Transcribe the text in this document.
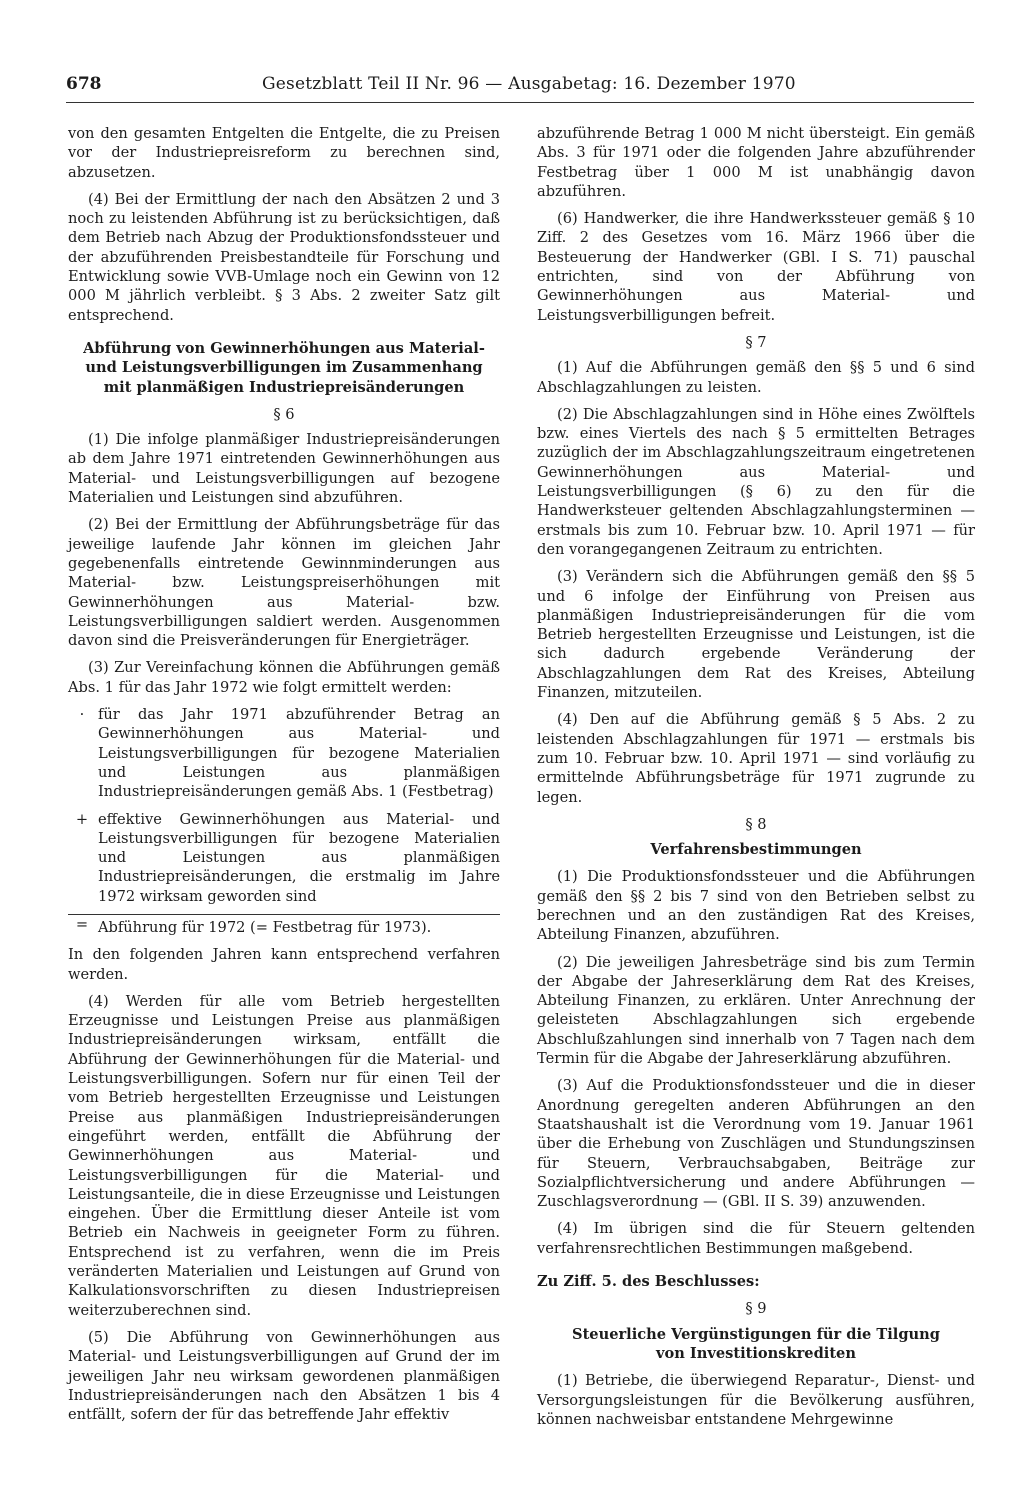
678	Gesetzblatt Teil II Nr. 96 — Ausgabetag: 16. Dezember 1970

von den gesamten Entgelten die Entgelte, die zu Preisen vor der Industriepreisreform zu berechnen sind, abzusetzen.

(4) Bei der Ermittlung der nach den Absätzen 2 und 3 noch zu leistenden Abführung ist zu berücksichtigen, daß dem Betrieb nach Abzug der Produktionsfondssteuer und der abzuführenden Preisbestandteile für Forschung und Entwicklung sowie VVB-Umlage noch ein Gewinn von 12 000 M jährlich verbleibt. § 3 Abs. 2 zweiter Satz gilt entsprechend.

Abführung von Gewinnerhöhungen aus Material-
und Leistungsverbilligungen im Zusammenhang
mit planmäßigen Industriepreisänderungen
§ 6

(1) Die infolge planmäßiger Industriepreisänderungen ab dem Jahre 1971 eintretenden Gewinnerhöhungen aus Material- und Leistungsverbilligungen auf bezogene Materialien und Leistungen sind abzuführen.

(2) Bei der Ermittlung der Abführungsbeträge für das jeweilige laufende Jahr können im gleichen Jahr gegebenenfalls eintretende Gewinnminderungen aus Material- bzw. Leistungspreiserhöhungen mit Gewinnerhöhungen aus Material- bzw. Leistungsverbilligungen saldiert werden. Ausgenommen davon sind die Preisveränderungen für Energieträger.

(3) Zur Vereinfachung können die Abführungen gemäß Abs. 1 für das Jahr 1972 wie folgt ermittelt werden:

· für das Jahr 1971 abzuführender Betrag an Gewinnerhöhungen aus Material- und Leistungsverbilligungen für bezogene Materialien und Leistungen aus planmäßigen Industriepreisänderungen gemäß Abs. 1 (Festbetrag)
+ effektive Gewinnerhöhungen aus Material- und Leistungsverbilligungen für bezogene Materialien und Leistungen aus planmäßigen Industriepreisänderungen, die erstmalig im Jahre 1972 wirksam geworden sind
= Abführung für 1972 (= Festbetrag für 1973).

In den folgenden Jahren kann entsprechend verfahren werden.

(4) Werden für alle vom Betrieb hergestellten Erzeugnisse und Leistungen Preise aus planmäßigen Industriepreisänderungen wirksam, entfällt die Abführung der Gewinnerhöhungen für die Material- und Leistungsverbilligungen. Sofern nur für einen Teil der vom Betrieb hergestellten Erzeugnisse und Leistungen Preise aus planmäßigen Industriepreisänderungen eingeführt werden, entfällt die Abführung der Gewinnerhöhungen aus Material- und Leistungsverbilligungen für die Material- und Leistungsanteile, die in diese Erzeugnisse und Leistungen eingehen. Über die Ermittlung dieser Anteile ist vom Betrieb ein Nachweis in geeigneter Form zu führen. Entsprechend ist zu verfahren, wenn die im Preis veränderten Materialien und Leistungen auf Grund von Kalkulationsvorschriften zu diesen Industriepreisen weiterzuberechnen sind.

(5) Die Abführung von Gewinnerhöhungen aus Material- und Leistungsverbilligungen auf Grund der im jeweiligen Jahr neu wirksam gewordenen planmäßigen Industriepreisänderungen nach den Absätzen 1 bis 4 entfällt, sofern der für das betreffende Jahr effektiv

abzuführende Betrag 1 000 M nicht übersteigt. Ein gemäß Abs. 3 für 1971 oder die folgenden Jahre abzuführender Festbetrag über 1 000 M ist unabhängig davon abzuführen.

(6) Handwerker, die ihre Handwerkssteuer gemäß § 10 Ziff. 2 des Gesetzes vom 16. März 1966 über die Besteuerung der Handwerker (GBl. I S. 71) pauschal entrichten, sind von der Abführung von Gewinnerhöhungen aus Material- und Leistungsverbilligungen befreit.

§ 7

(1) Auf die Abführungen gemäß den §§ 5 und 6 sind Abschlagzahlungen zu leisten.

(2) Die Abschlagzahlungen sind in Höhe eines Zwölftels bzw. eines Viertels des nach § 5 ermittelten Betrages zuzüglich der im Abschlagzahlungszeitraum eingetretenen Gewinnerhöhungen aus Material- und Leistungsverbilligungen (§ 6) zu den für die Handwerksteuer geltenden Abschlagzahlungsterminen — erstmals bis zum 10. Februar bzw. 10. April 1971 — für den vorangegangenen Zeitraum zu entrichten.

(3) Verändern sich die Abführungen gemäß den §§ 5 und 6 infolge der Einführung von Preisen aus planmäßigen Industriepreisänderungen für die vom Betrieb hergestellten Erzeugnisse und Leistungen, ist die sich dadurch ergebende Veränderung der Abschlagzahlungen dem Rat des Kreises, Abteilung Finanzen, mitzuteilen.

(4) Den auf die Abführung gemäß § 5 Abs. 2 zu leistenden Abschlagzahlungen für 1971 — erstmals bis zum 10. Februar bzw. 10. April 1971 — sind vorläufig zu ermittelnde Abführungsbeträge für 1971 zugrunde zu legen.

§ 8
Verfahrensbestimmungen

(1) Die Produktionsfondssteuer und die Abführungen gemäß den §§ 2 bis 7 sind von den Betrieben selbst zu berechnen und an den zuständigen Rat des Kreises, Abteilung Finanzen, abzuführen.

(2) Die jeweiligen Jahresbeträge sind bis zum Termin der Abgabe der Jahreserklärung dem Rat des Kreises, Abteilung Finanzen, zu erklären. Unter Anrechnung der geleisteten Abschlagzahlungen sich ergebende Abschlußzahlungen sind innerhalb von 7 Tagen nach dem Termin für die Abgabe der Jahreserklärung abzuführen.

(3) Auf die Produktionsfondssteuer und die in dieser Anordnung geregelten anderen Abführungen an den Staatshaushalt ist die Verordnung vom 19. Januar 1961 über die Erhebung von Zuschlägen und Stundungszinsen für Steuern, Verbrauchsabgaben, Beiträge zur Sozialpflichtversicherung und andere Abführungen — Zuschlagsverordnung — (GBl. II S. 39) anzuwenden.

(4) Im übrigen sind die für Steuern geltenden verfahrensrechtlichen Bestimmungen maßgebend.

Zu Ziff. 5. des Beschlusses:
§ 9
Steuerliche Vergünstigungen für die Tilgung
von Investitionskrediten

(1) Betriebe, die überwiegend Reparatur-, Dienst- und Versorgungsleistungen für die Bevölkerung ausführen, können nachweisbar entstandene Mehrgewinne
